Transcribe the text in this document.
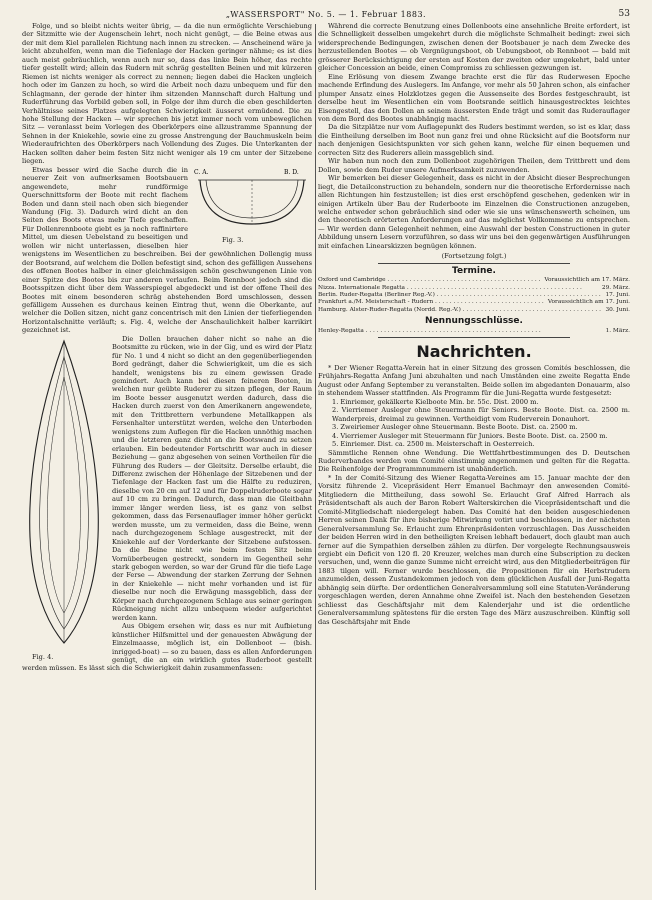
„WASSERSPORT" No. 5. — 1. Februar 1883.	53

Folge, und so bleibt nichts weiter übrig, — da die nun ermöglichte Verschiebung der Sitzmitte wie der Augenschein lehrt, noch nicht genügt, — die Beine etwas aus der mit dem Kiel parallelen Richtung nach innen zu strecken. — Anscheinend wäre ja leicht abzuhelfen, wenn man die Tiefenlage der Hacken geringer nähme; es ist dies auch meist gebräuchlich, wenn auch nur so, dass das linke Bein höher, das rechte tiefer gestellt wird; allein das Rudern mit schräg gestellten Beinen und mit kürzeren Riemen ist nichts weniger als correct zu nennen; liegen dabei die Hacken ungleich hoch oder im Ganzen zu hoch, so wird die Arbeit noch dazu unbequem und für den Schlagmann, der gerade der hinter ihm sitzenden Mannschaft durch Haltung und Ruderführung das Vorbild geben soll, in Folge der ihm durch die eben geschilderten Verhältnisse seines Platzes aufgelegten Schwierigkeit äusserst ermüdend. Die zu hohe Stellung der Hacken — wir sprechen bis jetzt immer noch vom unbeweglichen Sitz — veranlasst beim Vorlegen des Oberkörpers eine allzustramme Spannung der Sehnen in der Kniekehle, sowie eine zu grosse Anstrengung der Bauchmuskeln beim Wiederaufrichten des Oberkörpers nach Vollendung des Zuges. Die Unterkanten der Hacken sollten daher beim festen Sitz nicht weniger als 19 cm unter der Sitzebene liegen.

C. A.	B. D.
Fig. 3.

Etwas besser wird die Sache durch die in neuerer Zeit von aufmerksamen Bootsbauern angewendete, mehr rundförmige Querschnittsform der Boote mit recht flachem Boden und dann steil nach oben sich biegender Wandung (Fig. 3). Dadurch wird dicht an den Seiten des Boots etwas mehr Tiefe geschaffen. Für Dollenrennboote giebt es ja noch raffinirtere Mittel, um diesen Uebelstand zu beseitigen und wollen wir nicht unterlassen, dieselben hier wenigstens im Wesentlichen zu beschreiben. Bei der gewöhnlichen Dollengig muss der Bootsrand, auf welchem die Dollen befestigt sind, schon des gefälligen Aussehens des offenen Bootes halber in einer gleichmässigen schön geschwungenen Linie von einer Spitze des Bootes bis zur anderen verlaufen. Beim Rennboot jedoch sind die Bootsspitzen dicht über dem Wasserspiegel abgedeckt und ist der offene Theil des Bootes mit einem besonderen schräg abstehenden Bord umschlossen, dessen gefälligem Aussehen es durchaus keinen Eintrag thut, wenn die Oberkante, auf welcher die Dollen sitzen, nicht ganz concentrisch mit den Linien der tieferliegenden Horizontalschnitte verläuft; s. Fig. 4, welche der Anschaulichkeit halber karrikirt gezeichnet ist.

Fig. 4.

Die Dollen brauchen daher nicht so nahe an die Bootsmitte zu rücken, wie in der Gig, und es wird der Platz für No. 1 und 4 nicht so dicht an den gegenüberliegenden Bord gedrängt, daher die Schwierigkeit, um die es sich handelt, wenigstens bis zu einem gewissen Grade gemindert. Auch kann bei diesen feineren Booten, in welchen nur geübte Ruderer zu sitzen pflegen, der Raum im Boote besser ausgenutzt werden dadurch, dass die Hacken durch zuerst von den Amerikanern angewendete, mit den Trittbrettern verbundene Metallkappen als Fersenhalter unterstützt werden, welche den Unterboden wenigstens zum Auflegen für die Hacken unnöthig machen und die letzteren ganz dicht an die Bootswand zu setzen erlauben. Ein bedeutender Fortschritt war auch in dieser Beziehung — ganz abgesehen von seinen Vortheilen für die Führung des Ruders — der Gleitsitz. Derselbe erlaubt, die Differenz zwischen der Höhenlage der Sitzebenen und der Tiefenlage der Hacken fast um die Hälfte zu reduziren, dieselbe von 20 cm auf 12 und für Doppelruderboote sogar auf 10 cm zu bringen. Dadurch, dass man die Gleitbahn immer länger werden liess, ist es ganz von selbst gekommen, dass das Fersenauflager immer höher gerückt werden musste, um zu vermeiden, dass die Beine, wenn nach durchgezogenem Schlage ausgestreckt, mit der Kniekehle auf der Vorderkante der Sitzebene aufstossen. Da die Beine nicht wie beim festen Sitz beim Vornüberbeugen gestreckt, sondern im Gegentheil sehr stark gebogen werden, so war der Grund für die tiefe Lage der Ferse — Abwendung der starken Zerrung der Sehnen in der Kniekehle — nicht mehr vorhanden und ist für dieselbe nur noch die Erwägung massgeblich, dass der Körper nach durchgezogenem Schlage aus seiner geringen Rückneigung nicht allzu unbequem wieder aufgerichtet werden kann.

Aus Obigem ersehen wir, dass es nur mit Aufbietung künstlicher Hilfsmittel und der genauesten Abwägung der Einzelmaasse, möglich ist, ein Dollenboot — (bish. inrigged-boat) — so zu bauen, dass es allen Anforderungen genügt, die an ein wirklich gutes Ruderboot gestellt werden müssen. Es lässt sich die Schwierigkeit dahin zusammenfassen:

Während die correcte Benutzung eines Dollenboots eine ansehnliche Breite erfordert, ist die Schnelligkeit desselben umgekehrt durch die möglichste Schmalheit bedingt: zwei sich widersprechende Bedingungen, zwischen denen der Bootsbauer je nach dem Zwecke des herzustellenden Bootes — ob Vergnügungsboot, ob Uebungsboot, ob Rennboot — bald mit grösserer Berücksichtigung der ersten auf Kosten der zweiten oder umgekehrt, bald unter gleicher Concession an beide, einen Compromiss zu schliessen gezwungen ist.

Eine Erlösung von diesem Zwange brachte erst die für das Ruderwesen Epoche machende Erfindung des Auslegers. Im Anfange, vor mehr als 50 Jahren schon, als einfacher plumper Ansatz eines Holzklotzes gegen die Aussenseite des Bordes festgeschraubt, ist derselbe heut im Wesentlichen ein vom Bootsrande seitlich hinausgestrecktes leichtes Eisengestell, das den Dollen an seinem äussersten Ende trägt und somit das Ruderauflager von dem Bord des Bootes unabhängig macht.

Da die Sitzplätze nur vom Auflagepunkt des Ruders bestimmt werden, so ist es klar, dass die Eintheilung derselben im Boot nun ganz frei und ohne Rücksicht auf die Bootsform nur nach denjenigen Gesichtspunkten vor sich gehen kann, welche für einen bequemen und correcten Sitz des Ruderers allein massgeblich sind.

Wir haben nun noch den zum Dollenboot zugehörigen Theilen, dem Trittbrett und dem Dollen, sowie dem Ruder unsere Aufmerksamkeit zuzuwenden.

Wir bemerken bei dieser Gelegenheit, dass es nicht in der Absicht dieser Besprechungen liegt, die Detailconstruction zu behandeln, sondern nur die theoretische Erfordernisse nach allen Richtungen hin festzustellen; ist dies erst erschöpfend geschehen, gedenken wir in einigen Artikeln über Bau der Ruderboote im Einzelnen die Constructionen anzugeben, welche entweder schon gebräuchlich sind oder wie sie uns wünschenswerth scheinen, um den theoretisch erörterten Anforderungen auf das möglichst Vollkommene zu entsprechen. — Wir werden dann Gelegenheit nehmen, eine Auswahl der besten Constructionen in guter Abbildung unsern Lesern vorzuführen, so dass wir uns bei den gegenwärtigen Ausführungen mit einfachen Linearskizzen begnügen können.

(Fortsetzung folgt.)
Termine.
Oxford und Cambridge . . .	Voraussichtlich am 17. März.
Nizza. Internationale Regatta . . .	29. März.
Berlin. Ruder-Regatta (Berliner Reg.-V.) . . .	17. Juni.
Frankfurt a./M. Meisterschaft - Rudern . . .	Voraussichtlich am 17. Juni.
Hamburg. Alster-Ruder-Regatta (Nordd. Reg.-V.) . . .	30. Juni.
Nennungsschlüsse.
Henley-Regatta . . .	1. März.
Nachrichten.

* Der Wiener Regatta-Verein hat in einer Sitzung des grossen Comités beschlossen, die Frühjahrs-Regatta Anfang Juni abzuhalten und nach Umständen eine zweite Regatta Ende August oder Anfang September zu veranstalten. Beide sollen im abgedanten Donauarm, also in stehendem Wasser stattfinden. Als Programm für die Juni-Regatta wurde festgesetzt:

1. Einriemer, gekälkerte Kielboote Min. br. 55c. Dist. 2000 m.

2. Vierriemer Ausleger ohne Steuermann für Seniors. Beste Boote. Dist. ca. 2500 m. Wanderpreis, dreimal zu gewinnen. Vertheidigt vom Ruderverein Donauhort.

3. Zweiriemer Ausleger ohne Steuermann. Beste Boote. Dist. ca. 2500 m.

4. Vierriemer Ausleger mit Steuermann für Juniors. Beste Boote. Dist. ca. 2500 m.

5. Einriemer. Dist. ca. 2500 m. Meisterschaft in Oesterreich.

Sämmtliche Rennen ohne Wendung. Die Wettfahrtbestimmungen des D. Deutschen Ruderverbandes werden vom Comité einstimmig angenommen und gelten für die Regatta. Die Reihenfolge der Programmnummern ist unabänderlich.

* In der Comité-Sitzung des Wiener Regatta-Vereines am 15. Januar machte der den Vorsitz führende 2. Vicepräsident Herr Emanuel Bachmayr den anwesenden Comité-Mitgliedern die Mittheilung, dass sowohl Se. Erlaucht Graf Alfred Harrach als Präsidentschaft als auch der Baron Robert Walterskirchen die Vicepräsidentschaft und die Comité-Mitgliedschaft niedergelegt haben. Das Comité hat den beiden ausgeschiedenen Herren seinen Dank für ihre bisherige Mitwirkung votirt und beschlossen, in der nächsten Generalversammlung Se. Erlaucht zum Ehrenpräsidenten vorzuschlagen. Das Ausscheiden der beiden Herren wird in den betheiligten Kreisen lebhaft bedauert, doch glaubt man auch ferner auf die Sympathien derselben zählen zu dürfen. Der vorgelegte Rechnungsausweis ergiebt ein Deficit von 120 fl. 20 Kreuzer, welches man durch eine Subscription zu decken versuchen, und, wenn die ganze Summe nicht erreicht wird, aus den Mitgliederbeiträgen für 1883 tilgen will. Ferner wurde beschlossen, die Propositionen für ein Herbstrudern anzumelden, dessen Zustandekommen jedoch von dem glücklichen Ausfall der Juni-Regatta abhängig sein dürfte. Der ordentlichen Generalversammlung soll eine Statuten-Veränderung vorgeschlagen werden, deren Annahme ohne Zweifel ist. Nach den bestehenden Gesetzen schliesst das Geschäftsjahr mit dem Kalenderjahr und ist die ordentliche Generalversammlung spätestens für die ersten Tage des März auszuschreiben. Künftig soll das Geschäftsjahr mit Ende
